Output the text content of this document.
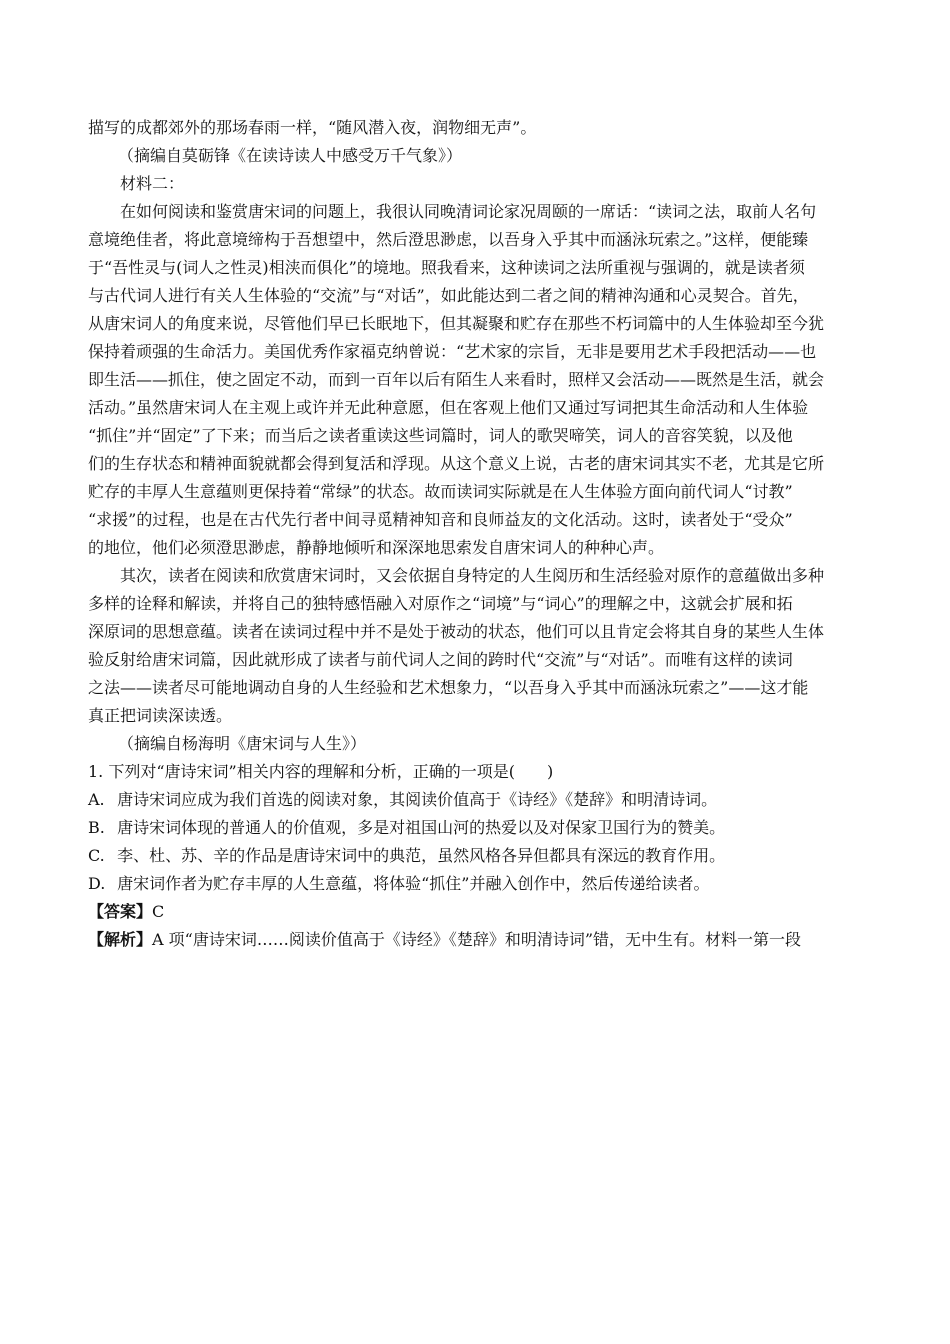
描写的成都郊外的那场春雨一样，“随风潜入夜，润物细无声”。

（摘编自莫砺锋《在读诗读人中感受万千气象》）

材料二：

在如何阅读和鉴赏唐宋词的问题上，我很认同晚清词论家况周颐的一席话：“读词之法，取前人名句

意境绝佳者，将此意境缔构于吾想望中，然后澄思渺虑，以吾身入乎其中而涵泳玩索之。”这样，便能臻

于“吾性灵与(词人之性灵)相浃而俱化”的境地。照我看来，这种读词之法所重视与强调的，就是读者须

与古代词人进行有关人生体验的“交流”与“对话”，如此能达到二者之间的精神沟通和心灵契合。首先，

从唐宋词人的角度来说，尽管他们早已长眠地下，但其凝聚和贮存在那些不朽词篇中的人生体验却至今犹

保持着顽强的生命活力。美国优秀作家福克纳曾说：“艺术家的宗旨，无非是要用艺术手段把活动——也

即生活——抓住，使之固定不动，而到一百年以后有陌生人来看时，照样又会活动——既然是生活，就会

活动。”虽然唐宋词人在主观上或许并无此种意愿，但在客观上他们又通过写词把其生命活动和人生体验

“抓住”并“固定”了下来；而当后之读者重读这些词篇时，词人的歌哭啼笑，词人的音容笑貌，以及他

们的生存状态和精神面貌就都会得到复活和浮现。从这个意义上说，古老的唐宋词其实不老，尤其是它所

贮存的丰厚人生意蕴则更保持着“常绿”的状态。故而读词实际就是在人生体验方面向前代词人“讨教”

“求援”的过程，也是在古代先行者中间寻觅精神知音和良师益友的文化活动。这时，读者处于“受众”

的地位，他们必须澄思渺虑，静静地倾听和深深地思索发自唐宋词人的种种心声。

其次，读者在阅读和欣赏唐宋词时，又会依据自身特定的人生阅历和生活经验对原作的意蕴做出多种

多样的诠释和解读，并将自己的独特感悟融入对原作之“词境”与“词心”的理解之中，这就会扩展和拓

深原词的思想意蕴。读者在读词过程中并不是处于被动的状态，他们可以且肯定会将其自身的某些人生体

验反射给唐宋词篇，因此就形成了读者与前代词人之间的跨时代“交流”与“对话”。而唯有这样的读词

之法——读者尽可能地调动自身的人生经验和艺术想象力，“以吾身入乎其中而涵泳玩索之”——这才能

真正把词读深读透。

（摘编自杨海明《唐宋词与人生》）

1. 下列对“唐诗宋词”相关内容的理解和分析，正确的一项是(　　)

A. 唐诗宋词应成为我们首选的阅读对象，其阅读价值高于《诗经》《楚辞》和明清诗词。

B. 唐诗宋词体现的普通人的价值观，多是对祖国山河的热爱以及对保家卫国行为的赞美。

C. 李、杜、苏、辛的作品是唐诗宋词中的典范，虽然风格各异但都具有深远的教育作用。

D. 唐宋词作者为贮存丰厚的人生意蕴，将体验“抓住”并融入创作中，然后传递给读者。

【答案】C

【解析】A 项“唐诗宋词……阅读价值高于《诗经》《楚辞》和明清诗词”错，无中生有。材料一第一段
